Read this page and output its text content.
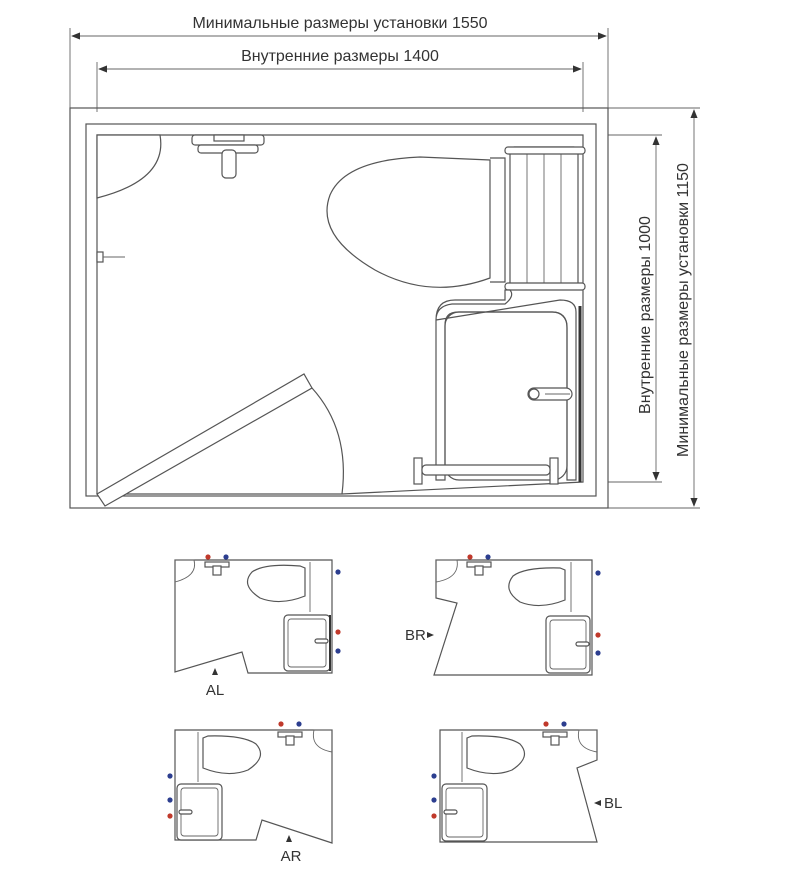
Минимальные размеры установки 1550
Внутренние размеры 1400
Внутренние размеры 1000 Минимальные размеры установки 1150
AL
BR
AR
BL
